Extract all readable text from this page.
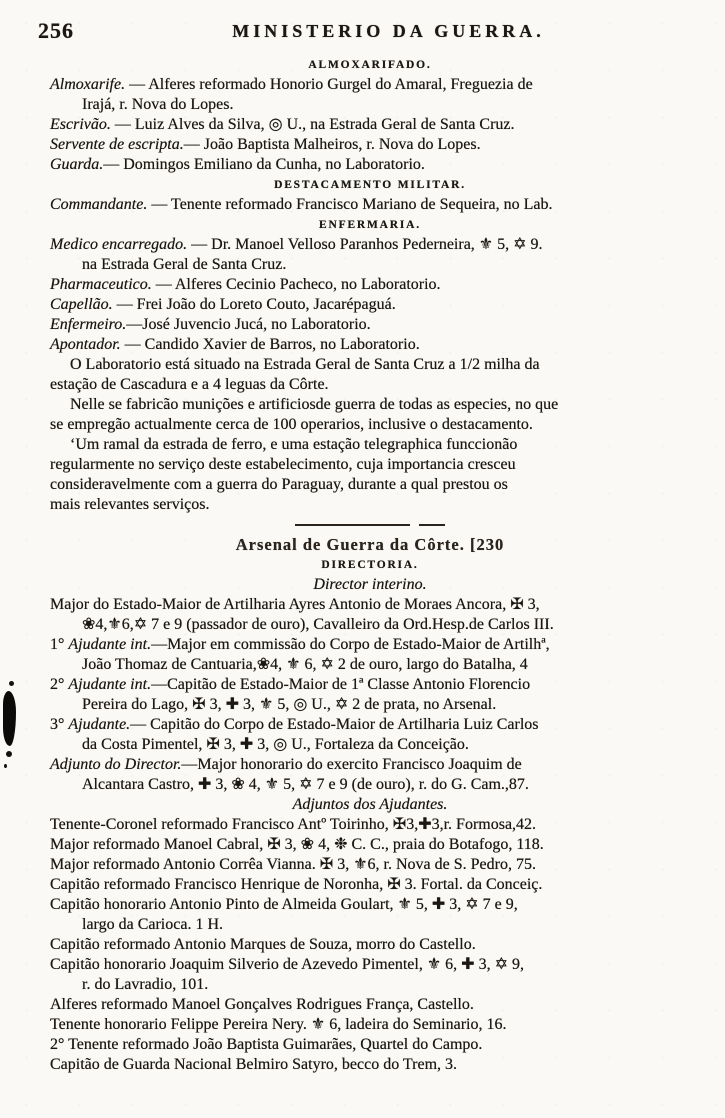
256	MINISTERIO DA GUERRA.
ALMOXARIFADO.
Almoxarife. — Alferes reformado Honorio Gurgel do Amaral, Freguezia de
Irajá, r. Nova do Lopes.
Escrivão. — Luiz Alves da Silva, ◎ U., na Estrada Geral de Santa Cruz.
Servente de escripta.— João Baptista Malheiros, r. Nova do Lopes.
Guarda.— Domingos Emiliano da Cunha, no Laboratorio.
DESTACAMENTO MILITAR.
Commandante. — Tenente reformado Francisco Mariano de Sequeira, no Lab.
ENFERMARIA.
Medico encarregado. — Dr. Manoel Velloso Paranhos Pederneira, ⚜ 5, ✡ 9.
na Estrada Geral de Santa Cruz.
Pharmaceutico. — Alferes Cecinio Pacheco, no Laboratorio.
Capellão. — Frei João do Loreto Couto, Jacarépaguá.
Enfermeiro.—José Juvencio Jucá, no Laboratorio.
Apontador. — Candido Xavier de Barros, no Laboratorio.
O Laboratorio está situado na Estrada Geral de Santa Cruz a 1/2 milha da
estação de Cascadura e a 4 leguas da Côrte.
Nelle se fabricão munições e artificiosde guerra de todas as especies, no que
se empregão actualmente cerca de 100 operarios, inclusive o destacamento.
‘Um ramal da estrada de ferro, e uma estação telegraphica funccionão
regularmente no serviço deste estabelecimento, cuja importancia cresceu
consideravelmente com a guerra do Paraguay, durante a qual prestou os
mais relevantes serviços.
Arsenal de Guerra da Côrte. [230
DIRECTORIA.
Director interino.
Major do Estado-Maior de Artilharia Ayres Antonio de Moraes Ancora, ✠ 3,
❀4,⚜6,✡ 7 e 9 (passador de ouro), Cavalleiro da Ord.Hesp.de Carlos III.
1° Ajudante int.—Major em commissão do Corpo de Estado-Maior de Artilhª,
João Thomaz de Cantuaria,❀4, ⚜ 6, ✡ 2 de ouro, largo do Batalha, 4
2° Ajudante int.—Capitão de Estado-Maior de 1ª Classe Antonio Florencio
Pereira do Lago, ✠ 3, ✚ 3, ⚜ 5, ◎ U., ✡ 2 de prata, no Arsenal.
3° Ajudante.— Capitão do Corpo de Estado-Maior de Artilharia Luiz Carlos
da Costa Pimentel, ✠ 3, ✚ 3, ◎ U., Fortaleza da Conceição.
Adjunto do Director.—Major honorario do exercito Francisco Joaquim de
Alcantara Castro, ✚ 3, ❀ 4, ⚜ 5, ✡ 7 e 9 (de ouro), r. do G. Cam.,87.
Adjuntos dos Ajudantes.
Tenente-Coronel reformado Francisco Antº Toirinho, ✠3,✚3,r. Formosa,42.
Major reformado Manoel Cabral, ✠ 3, ❀ 4, ❉ C. C., praia do Botafogo, 118.
Major reformado Antonio Corrêa Vianna. ✠ 3, ⚜6, r. Nova de S. Pedro, 75.
Capitão reformado Francisco Henrique de Noronha, ✠ 3. Fortal. da Conceiç.
Capitão honorario Antonio Pinto de Almeida Goulart, ⚜ 5, ✚ 3, ✡ 7 e 9,
largo da Carioca. 1 H.
Capitão reformado Antonio Marques de Souza, morro do Castello.
Capitão honorario Joaquim Silverio de Azevedo Pimentel, ⚜ 6, ✚ 3, ✡ 9,
r. do Lavradio, 101.
Alferes reformado Manoel Gonçalves Rodrigues França, Castello.
Tenente honorario Felippe Pereira Nery. ⚜ 6, ladeira do Seminario, 16.
2° Tenente reformado João Baptista Guimarães, Quartel do Campo.
Capitão de Guarda Nacional Belmiro Satyro, becco do Trem, 3.
